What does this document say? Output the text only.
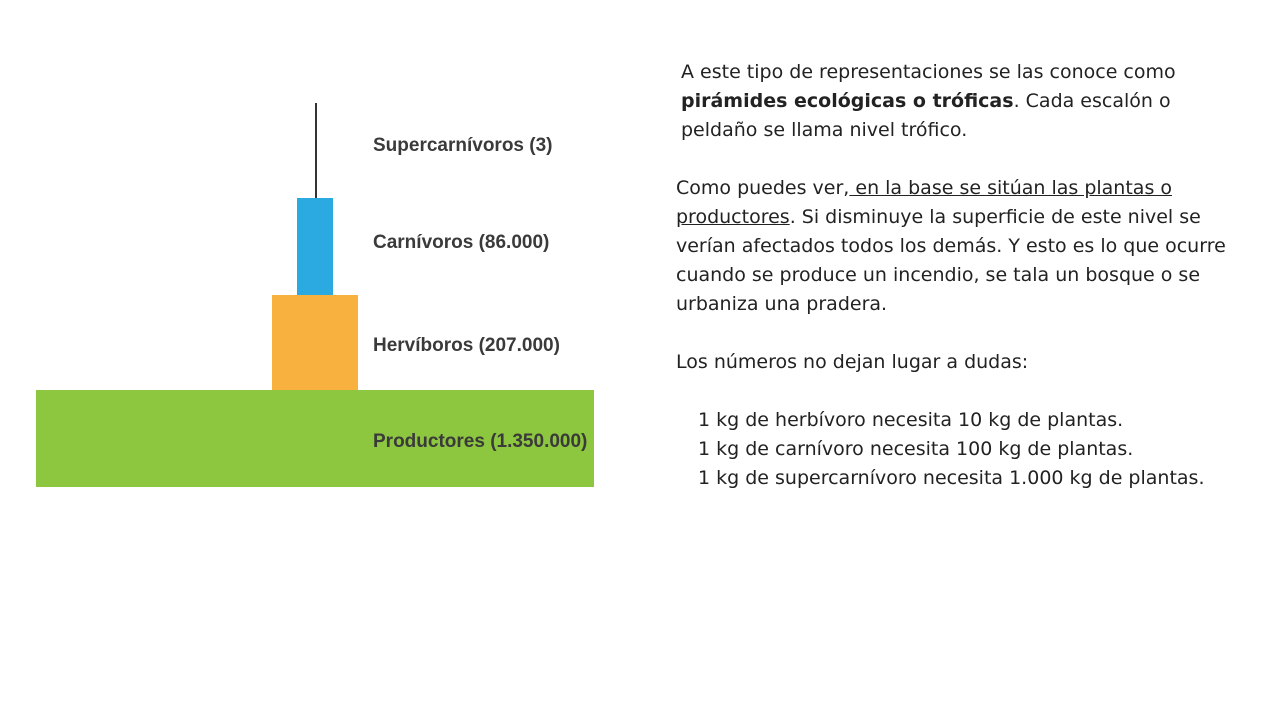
Supercarnívoros (3)
Carnívoros (86.000)
Hervíboros (207.000)
Productores (1.350.000)

A este tipo de representaciones se las conoce como pirámides ecológicas o tróficas. Cada escalón o peldaño se llama nivel trófico.

Como puedes ver, en la base se sitúan las plantas o productores. Si disminuye la superficie de este nivel se verían afectados todos los demás. Y esto es lo que ocurre cuando se produce un incendio, se tala un bosque o se urbaniza una pradera.

Los números no dejan lugar a dudas:

1 kg de herbívoro necesita 10 kg de plantas.

1 kg de carnívoro necesita 100 kg de plantas.

1 kg de supercarnívoro necesita 1.000 kg de plantas.
